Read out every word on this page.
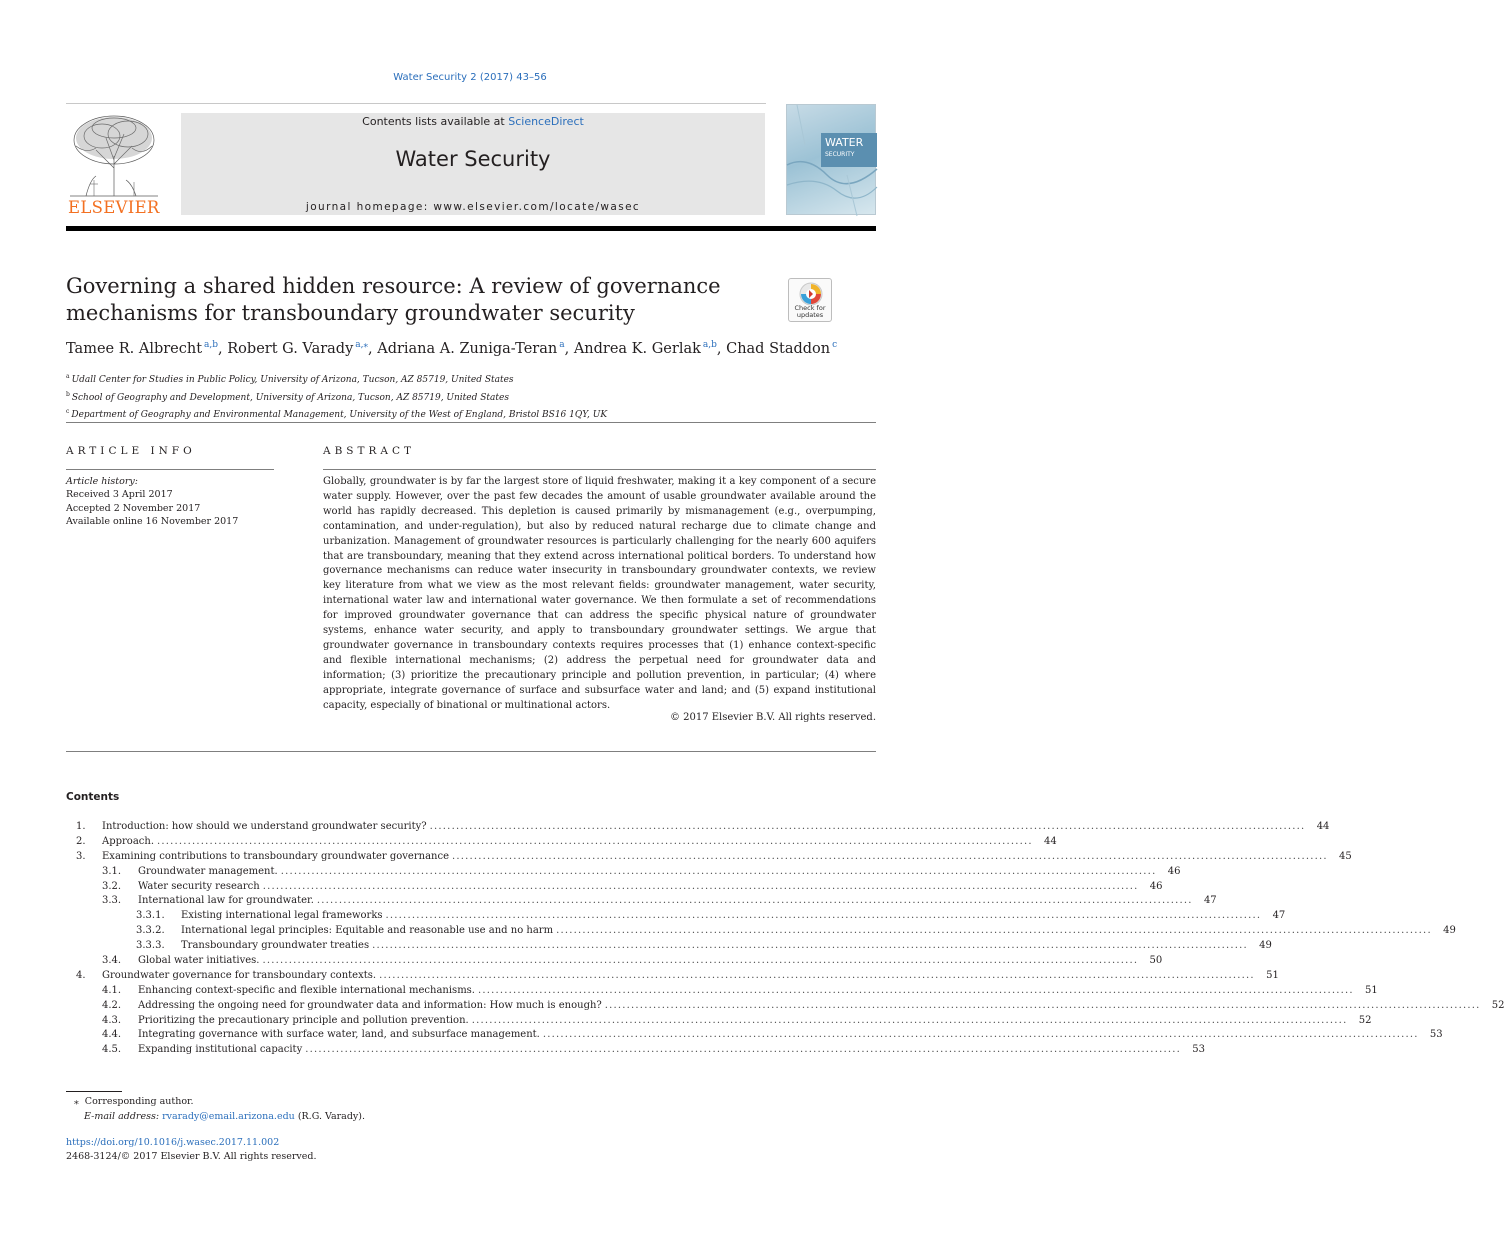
Water Security 2 (2017) 43–56
ELSEVIER
Contents lists available at ScienceDirect
Water Security
journal homepage: www.elsevier.com/locate/wasec
WATER
SECURITY
Governing a shared hidden resource: A review of governance mechanisms for transboundary groundwater security	Check for updates
Tamee R. Albrecht $^{a,b}$, Robert G. Varady $^{a,⁎}$, Adriana A. Zuniga-Teran $^a$, Andrea K. Gerlak $^{a,b}$, Chad Staddon $^c$
$^a$ Udall Center for Studies in Public Policy, University of Arizona, Tucson, AZ 85719, United States
$^b$ School of Geography and Development, University of Arizona, Tucson, AZ 85719, United States
$^c$ Department of Geography and Environmental Management, University of the West of England, Bristol BS16 1QY, UK
ARTICLE INFO
Article history:
Received 3 April 2017
Accepted 2 November 2017
Available online 16 November 2017
ABSTRACT

Globally, groundwater is by far the largest store of liquid freshwater, making it a key component of a secure water supply. However, over the past few decades the amount of usable groundwater available around the world has rapidly decreased. This depletion is caused primarily by mismanagement (e.g., overpumping, contamination, and under-regulation), but also by reduced natural recharge due to climate change and urbanization. Management of groundwater resources is particularly challenging for the nearly 600 aquifers that are transboundary, meaning that they extend across international political borders. To understand how governance mechanisms can reduce water insecurity in transboundary groundwater contexts, we review key literature from what we view as the most relevant fields: groundwater management, water security, international water law and international water governance. We then formulate a set of recommendations for improved groundwater governance that can address the specific physical nature of groundwater systems, enhance water security, and apply to transboundary groundwater settings. We argue that groundwater governance in transboundary contexts requires processes that (1) enhance context-specific and flexible international mechanisms; (2) address the perpetual need for groundwater data and information; (3) prioritize the precautionary principle and pollution prevention, in particular; (4) where appropriate, integrate governance of surface and subsurface water and land; and (5) expand institutional capacity, especially of binational or multinational actors.

© 2017 Elsevier B.V. All rights reserved.
Contents
1.	Introduction: how should we understand groundwater security? ........................................................................................................................................................................................................	44
2.	Approach. ........................................................................................................................................................................................................	44
3.	Examining contributions to transboundary groundwater governance ........................................................................................................................................................................................................	45
3.1.	Groundwater management. ........................................................................................................................................................................................................	46
3.2.	Water security research ........................................................................................................................................................................................................	46
3.3.	International law for groundwater. ........................................................................................................................................................................................................	47
3.3.1.	Existing international legal frameworks ........................................................................................................................................................................................................	47
3.3.2.	International legal principles: Equitable and reasonable use and no harm ........................................................................................................................................................................................................	49
3.3.3.	Transboundary groundwater treaties ........................................................................................................................................................................................................	49
3.4.	Global water initiatives. ........................................................................................................................................................................................................	50
4.	Groundwater governance for transboundary contexts. ........................................................................................................................................................................................................	51
4.1.	Enhancing context-specific and flexible international mechanisms. ........................................................................................................................................................................................................	51
4.2.	Addressing the ongoing need for groundwater data and information: How much is enough? ........................................................................................................................................................................................................	52
4.3.	Prioritizing the precautionary principle and pollution prevention. ........................................................................................................................................................................................................	52
4.4.	Integrating governance with surface water, land, and subsurface management. ........................................................................................................................................................................................................	53
4.5.	Expanding institutional capacity ........................................................................................................................................................................................................	53
⁎ Corresponding author.
E-mail address: rvarady@email.arizona.edu (R.G. Varady).
https://doi.org/10.1016/j.wasec.2017.11.002
2468-3124/© 2017 Elsevier B.V. All rights reserved.
